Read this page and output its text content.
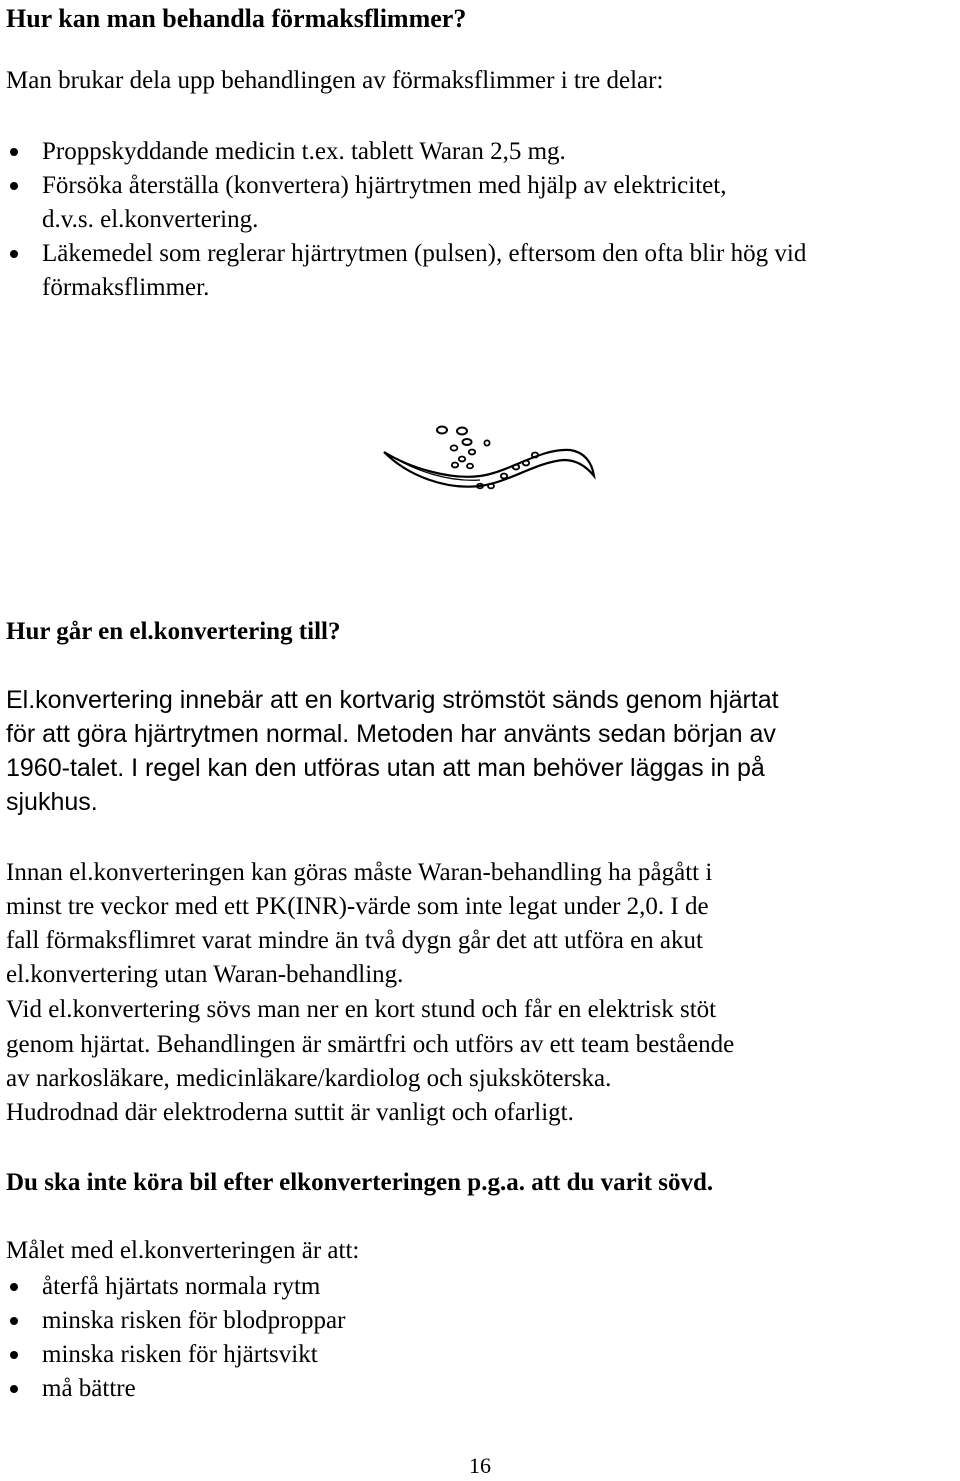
Hur kan man behandla förmaksflimmer?
Man brukar dela upp behandlingen av förmaksflimmer i tre delar:
Proppskyddande medicin t.ex. tablett Waran 2,5 mg.
Försöka återställa (konvertera) hjärtrytmen med hjälp av elektricitet,
d.v.s. el.konvertering.
Läkemedel som reglerar hjärtrytmen (pulsen), eftersom den ofta blir hög vid
förmaksflimmer.
Hur går en el.konvertering till?
El.konvertering innebär att en kortvarig strömstöt sänds genom hjärtat
för att göra hjärtrytmen normal. Metoden har använts sedan början av
1960-talet. I regel kan den utföras utan att man behöver läggas in på
sjukhus.
Innan el.konverteringen kan göras måste Waran-behandling ha pågått i
minst tre veckor med ett PK(INR)-värde som inte legat under 2,0. I de
fall förmaksflimret varat mindre än två dygn går det att utföra en akut
el.konvertering utan Waran-behandling.
Vid el.konvertering sövs man ner en kort stund och får en elektrisk stöt
genom hjärtat. Behandlingen är smärtfri och utförs av ett team bestående
av narkosläkare, medicinläkare/kardiolog och sjuksköterska.
Hudrodnad där elektroderna suttit är vanligt och ofarligt.
Du ska inte köra bil efter elkonverteringen p.g.a. att du varit sövd.
Målet med el.konverteringen är att:
återfå hjärtats normala rytm
minska risken för blodproppar
minska risken för hjärtsvikt
må bättre
16
